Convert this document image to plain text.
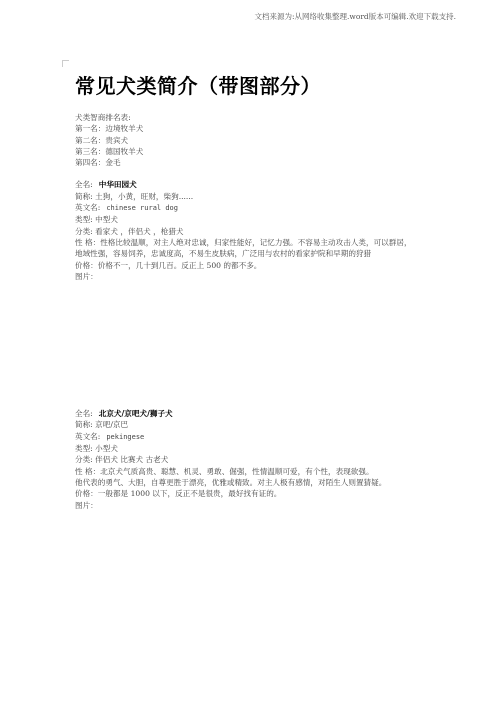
文档来源为:从网络收集整理.word版本可编辑.欢迎下载支持.
常见犬类简介（带图部分）

犬类智商排名表:

第一名：边境牧羊犬

第二名：贵宾犬

第三名：德国牧羊犬

第四名：金毛

全名: 中华田园犬

简称: 土狗，小黄，旺财，柴狗......

英文名: chinese rural dog

类型: 中型犬

分类: 看家犬 ，伴侣犬 ，枪猎犬

性 格：性格比较温顺，对主人绝对忠诚，归家性能好，记忆力强。不容易主动攻击人类，可以群居，

地域性强，容易饲养，忠诚度高，不易生皮肤病，广泛用与农村的看家护院和早期的狩猎

价格：价格不一，几十到几百。反正上 500 的都不多。

图片：

全名: 北京犬/京吧犬/狮子犬

简称: 京吧/京巴

英文名: pekingese

类型: 小型犬

分类: 伴侣犬 比赛犬 古老犬

性 格：北京犬气质高贵、聪慧、机灵、勇敢、倔强，性情温顺可爱，有个性，表现欲强。

他代表的勇气、大胆，自尊更胜于漂亮，优雅或精致。对主人极有感情，对陌生人则置猜疑。

价格：一般都是 1000 以下，反正不是很贵，最好找有证的。

图片：
